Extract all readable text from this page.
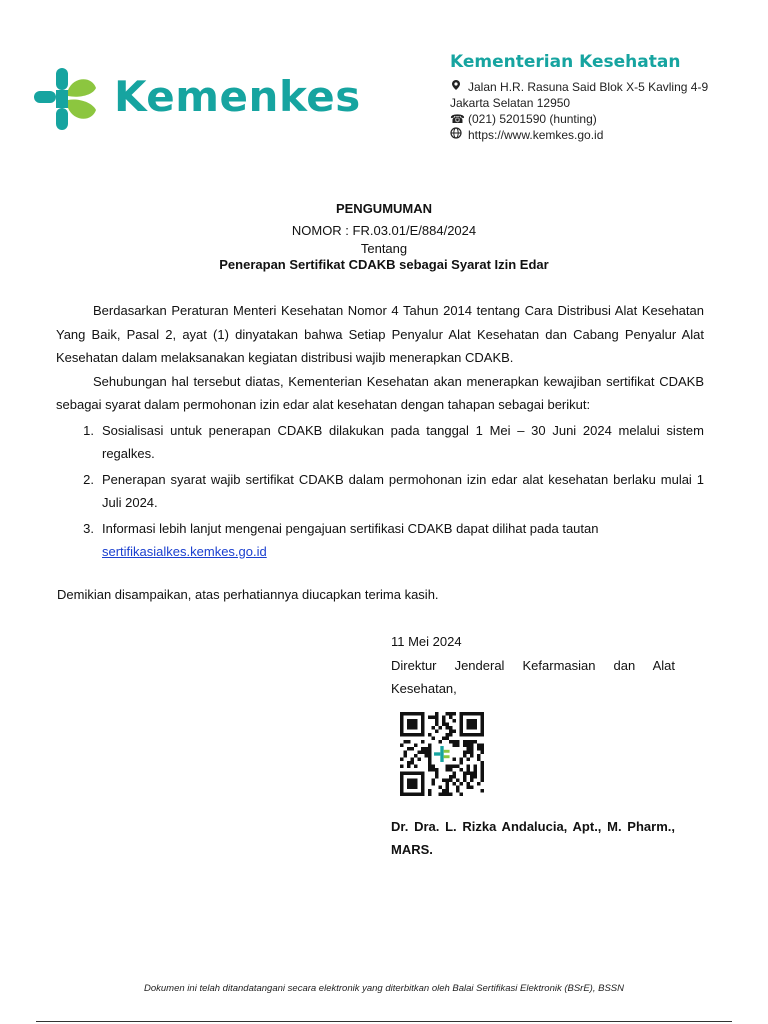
Kemenkes
Kementerian Kesehatan
Jalan H.R. Rasuna Said Blok X-5 Kavling 4-9
Jakarta Selatan 12950
☎ (021) 5201590 (hunting)
https://www.kemkes.go.id
PENGUMUMAN
NOMOR : FR.03.01/E/884/2024
Tentang
Penerapan Sertifikat CDAKB sebagai Syarat Izin Edar

Berdasarkan Peraturan Menteri Kesehatan Nomor 4 Tahun 2014 tentang Cara Distribusi Alat Kesehatan Yang Baik, Pasal 2, ayat (1) dinyatakan bahwa Setiap Penyalur Alat Kesehatan dan Cabang Penyalur Alat Kesehatan dalam melaksanakan kegiatan distribusi wajib menerapkan CDAKB.

Sehubungan hal tersebut diatas, Kementerian Kesehatan akan menerapkan kewajiban sertifikat CDAKB sebagai syarat dalam permohonan izin edar alat kesehatan dengan tahapan sebagai berikut:

1. Sosialisasi untuk penerapan CDAKB dilakukan pada tanggal 1 Mei – 30 Juni 2024 melalui sistem regalkes.
2. Penerapan syarat wajib sertifikat CDAKB dalam permohonan izin edar alat kesehatan berlaku mulai 1 Juli 2024.
3. Informasi lebih lanjut mengenai pengajuan sertifikasi CDAKB dapat dilihat pada tautan
sertifikasialkes.kemkes.go.id
Demikian disampaikan, atas perhatiannya diucapkan terima kasih.
11 Mei 2024
Direktur Jenderal Kefarmasian dan Alat Kesehatan,
Dr. Dra. L. Rizka Andalucia, Apt., M. Pharm., MARS.
Dokumen ini telah ditandatangani secara elektronik yang diterbitkan oleh Balai Sertifikasi Elektronik (BSrE), BSSN
